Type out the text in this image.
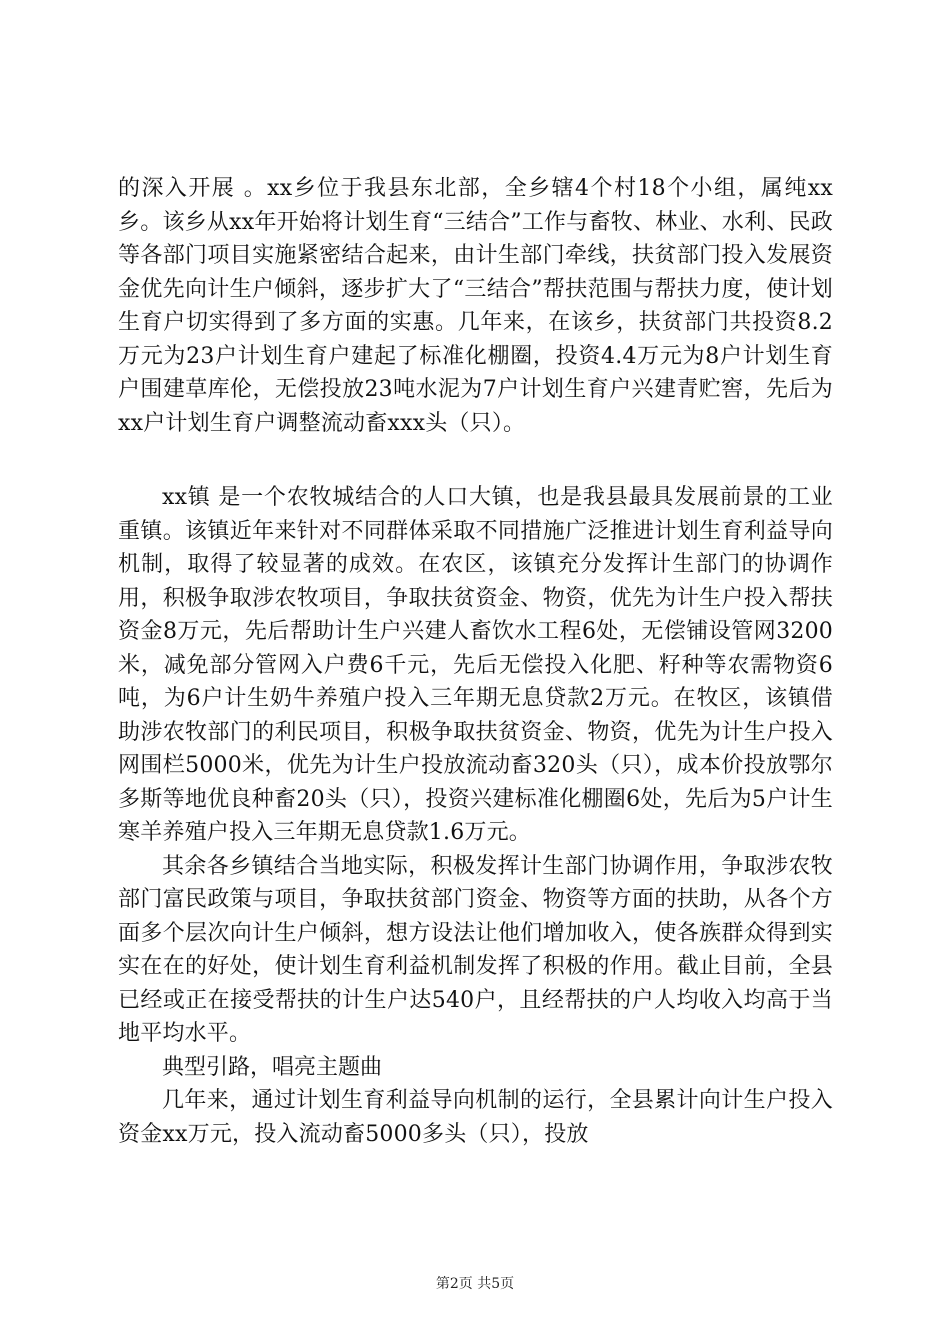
的深入开展 。xx乡位于我县东北部，全乡辖4个村18个小组，属纯xx乡。该乡从xx年开始将计划生育“三结合”工作与畜牧、林业、水利、民政等各部门项目实施紧密结合起来，由计生部门牵线，扶贫部门投入发展资金优先向计生户倾斜，逐步扩大了“三结合”帮扶范围与帮扶力度，使计划生育户切实得到了多方面的实惠。几年来，在该乡，扶贫部门共投资8.2万元为23户计划生育户建起了标准化棚圈，投资4.4万元为8户计划生育户围建草库伦，无偿投放23吨水泥为7户计划生育户兴建青贮窖，先后为xx户计划生育户调整流动畜xxx头（只）。

xx镇 是一个农牧城结合的人口大镇，也是我县最具发展前景的工业重镇。该镇近年来针对不同群体采取不同措施广泛推进计划生育利益导向机制，取得了较显著的成效。在农区，该镇充分发挥计生部门的协调作用，积极争取涉农牧项目，争取扶贫资金、物资，优先为计生户投入帮扶资金8万元，先后帮助计生户兴建人畜饮水工程6处，无偿铺设管网3200米，减免部分管网入户费6千元，先后无偿投入化肥、籽种等农需物资6吨，为6户计生奶牛养殖户投入三年期无息贷款2万元。在牧区，该镇借助涉农牧部门的利民项目，积极争取扶贫资金、物资，优先为计生户投入网围栏5000米，优先为计生户投放流动畜320头（只），成本价投放鄂尔多斯等地优良种畜20头（只），投资兴建标准化棚圈6处，先后为5户计生寒羊养殖户投入三年期无息贷款1.6万元。

其余各乡镇结合当地实际，积极发挥计生部门协调作用，争取涉农牧部门富民政策与项目，争取扶贫部门资金、物资等方面的扶助，从各个方面多个层次向计生户倾斜，想方设法让他们增加收入，使各族群众得到实实在在的好处，使计划生育利益机制发挥了积极的作用。截止目前，全县已经或正在接受帮扶的计生户达540户，且经帮扶的户人均收入均高于当地平均水平。

典型引路，唱亮主题曲

几年来，通过计划生育利益导向机制的运行，全县累计向计生户投入资金xx万元，投入流动畜5000多头（只），投放

第2页 共5页
